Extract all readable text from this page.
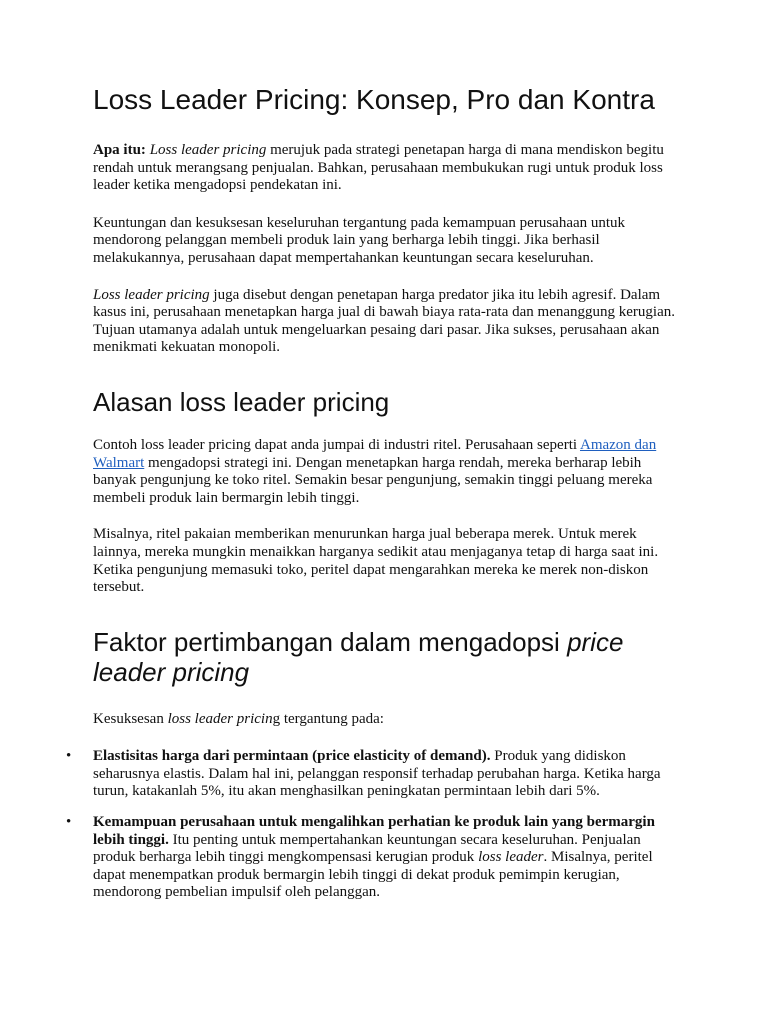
Loss Leader Pricing: Konsep, Pro dan Kontra

Apa itu: Loss leader pricing merujuk pada strategi penetapan harga di mana mendiskon begitu rendah untuk merangsang penjualan. Bahkan, perusahaan membukukan rugi untuk produk loss leader ketika mengadopsi pendekatan ini.

Keuntungan dan kesuksesan keseluruhan tergantung pada kemampuan perusahaan untuk mendorong pelanggan membeli produk lain yang berharga lebih tinggi. Jika berhasil melakukannya, perusahaan dapat mempertahankan keuntungan secara keseluruhan.

Loss leader pricing juga disebut dengan penetapan harga predator jika itu lebih agresif. Dalam kasus ini, perusahaan menetapkan harga jual di bawah biaya rata-rata dan menanggung kerugian. Tujuan utamanya adalah untuk mengeluarkan pesaing dari pasar. Jika sukses, perusahaan akan menikmati kekuatan monopoli.

Alasan loss leader pricing

Contoh loss leader pricing dapat anda jumpai di industri ritel. Perusahaan seperti Amazon dan Walmart mengadopsi strategi ini. Dengan menetapkan harga rendah, mereka berharap lebih banyak pengunjung ke toko ritel. Semakin besar pengunjung, semakin tinggi peluang mereka membeli produk lain bermargin lebih tinggi.

Misalnya, ritel pakaian memberikan menurunkan harga jual beberapa merek. Untuk merek lainnya, mereka mungkin menaikkan harganya sedikit atau menjaganya tetap di harga saat ini. Ketika pengunjung memasuki toko, peritel dapat mengarahkan mereka ke merek non-diskon tersebut.

Faktor pertimbangan dalam mengadopsi price leader pricing

Kesuksesan loss leader pricing tergantung pada:

• Elastisitas harga dari permintaan (price elasticity of demand). Produk yang didiskon seharusnya elastis. Dalam hal ini, pelanggan responsif terhadap perubahan harga. Ketika harga turun, katakanlah 5%, itu akan menghasilkan peningkatan permintaan lebih dari 5%.
• Kemampuan perusahaan untuk mengalihkan perhatian ke produk lain yang bermargin lebih tinggi. Itu penting untuk mempertahankan keuntungan secara keseluruhan. Penjualan produk berharga lebih tinggi mengkompensasi kerugian produk loss leader. Misalnya, peritel dapat menempatkan produk bermargin lebih tinggi di dekat produk pemimpin kerugian, mendorong pembelian impulsif oleh pelanggan.
